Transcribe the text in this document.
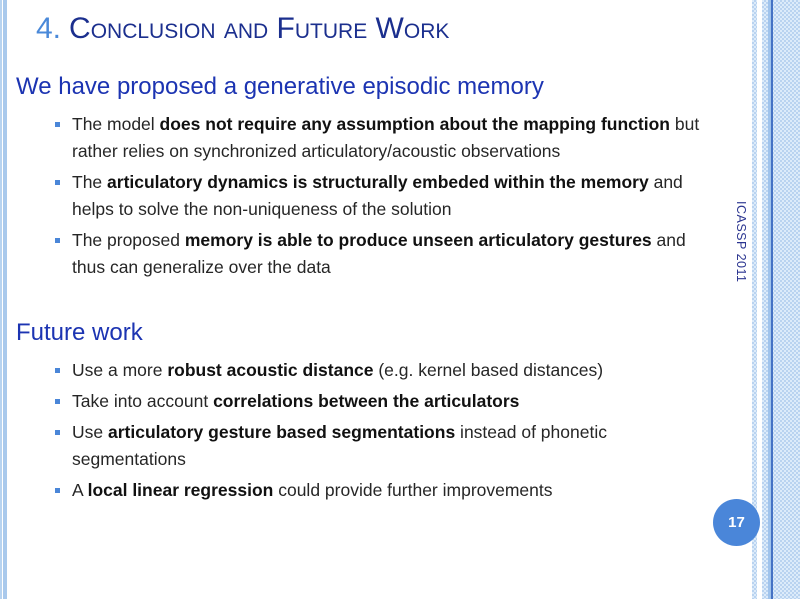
4. Conclusion and Future Work
We have proposed a generative episodic memory
The model does not require any assumption about the mapping function but rather relies on synchronized articulatory/acoustic observations
The articulatory dynamics is structurally embeded within the memory and helps to solve the non-uniqueness of the solution
The proposed memory is able to produce unseen articulatory gestures and thus can generalize over the data
Future work
Use a more robust acoustic distance (e.g. kernel based distances)
Take into account correlations between the articulators
Use articulatory gesture based segmentations instead of phonetic segmentations
A local linear regression could provide further improvements
ICASSP 2011
17
